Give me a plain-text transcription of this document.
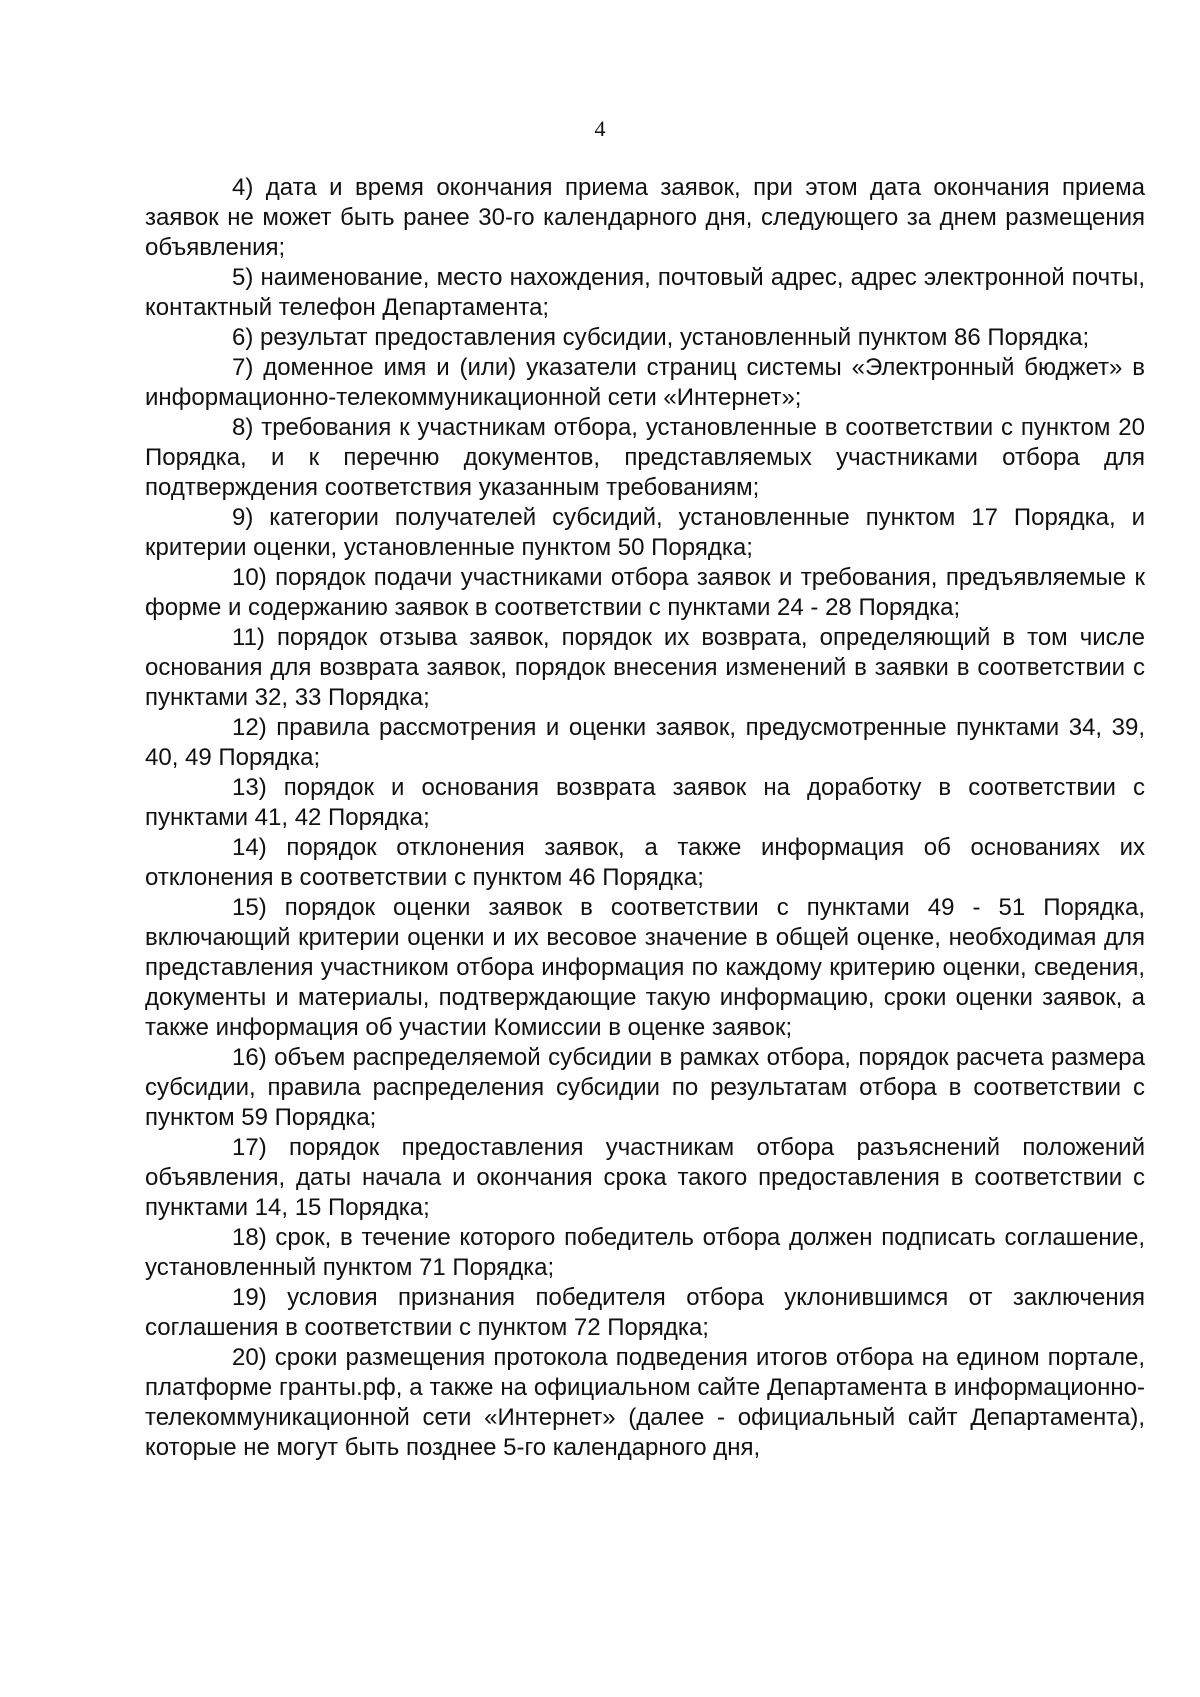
4

4) дата и время окончания приема заявок, при этом дата окончания приема заявок не может быть ранее 30-го календарного дня, следующего за днем размещения объявления;

5) наименование, место нахождения, почтовый адрес, адрес электронной почты, контактный телефон Департамента;

6) результат предоставления субсидии, установленный пунктом 86 Порядка;

7) доменное имя и (или) указатели страниц системы «Электронный бюджет» в информационно-телекоммуникационной сети «Интернет»;

8) требования к участникам отбора, установленные в соответствии с пунктом 20 Порядка, и к перечню документов, представляемых участниками отбора для подтверждения соответствия указанным требованиям;

9) категории получателей субсидий, установленные пунктом 17 Порядка, и критерии оценки, установленные пунктом 50 Порядка;

10) порядок подачи участниками отбора заявок и требования, предъявляемые к форме и содержанию заявок в соответствии с пунктами 24 - 28 Порядка;

11) порядок отзыва заявок, порядок их возврата, определяющий в том числе основания для возврата заявок, порядок внесения изменений в заявки в соответствии с пунктами 32, 33 Порядка;

12) правила рассмотрения и оценки заявок, предусмотренные пунктами 34, 39, 40, 49 Порядка;

13) порядок и основания возврата заявок на доработку в соответствии с пунктами 41, 42 Порядка;

14) порядок отклонения заявок, а также информация об основаниях их отклонения в соответствии с пунктом 46 Порядка;

15) порядок оценки заявок в соответствии с пунктами 49 - 51 Порядка, включающий критерии оценки и их весовое значение в общей оценке, необходимая для представления участником отбора информация по каждому критерию оценки, сведения, документы и материалы, подтверждающие такую информацию, сроки оценки заявок, а также информация об участии Комиссии в оценке заявок;

16) объем распределяемой субсидии в рамках отбора, порядок расчета размера субсидии, правила распределения субсидии по результатам отбора в соответствии с пунктом 59 Порядка;

17) порядок предоставления участникам отбора разъяснений положений объявления, даты начала и окончания срока такого предоставления в соответствии с пунктами 14, 15 Порядка;

18) срок, в течение которого победитель отбора должен подписать соглашение, установленный пунктом 71 Порядка;

19) условия признания победителя отбора уклонившимся от заключения соглашения в соответствии с пунктом 72 Порядка;

20) сроки размещения протокола подведения итогов отбора на едином портале, платформе гранты.рф, а также на официальном сайте Департамента в информационно-телекоммуникационной сети «Интернет» (далее - официальный сайт Департамента), которые не могут быть позднее 5-го календарного дня,
